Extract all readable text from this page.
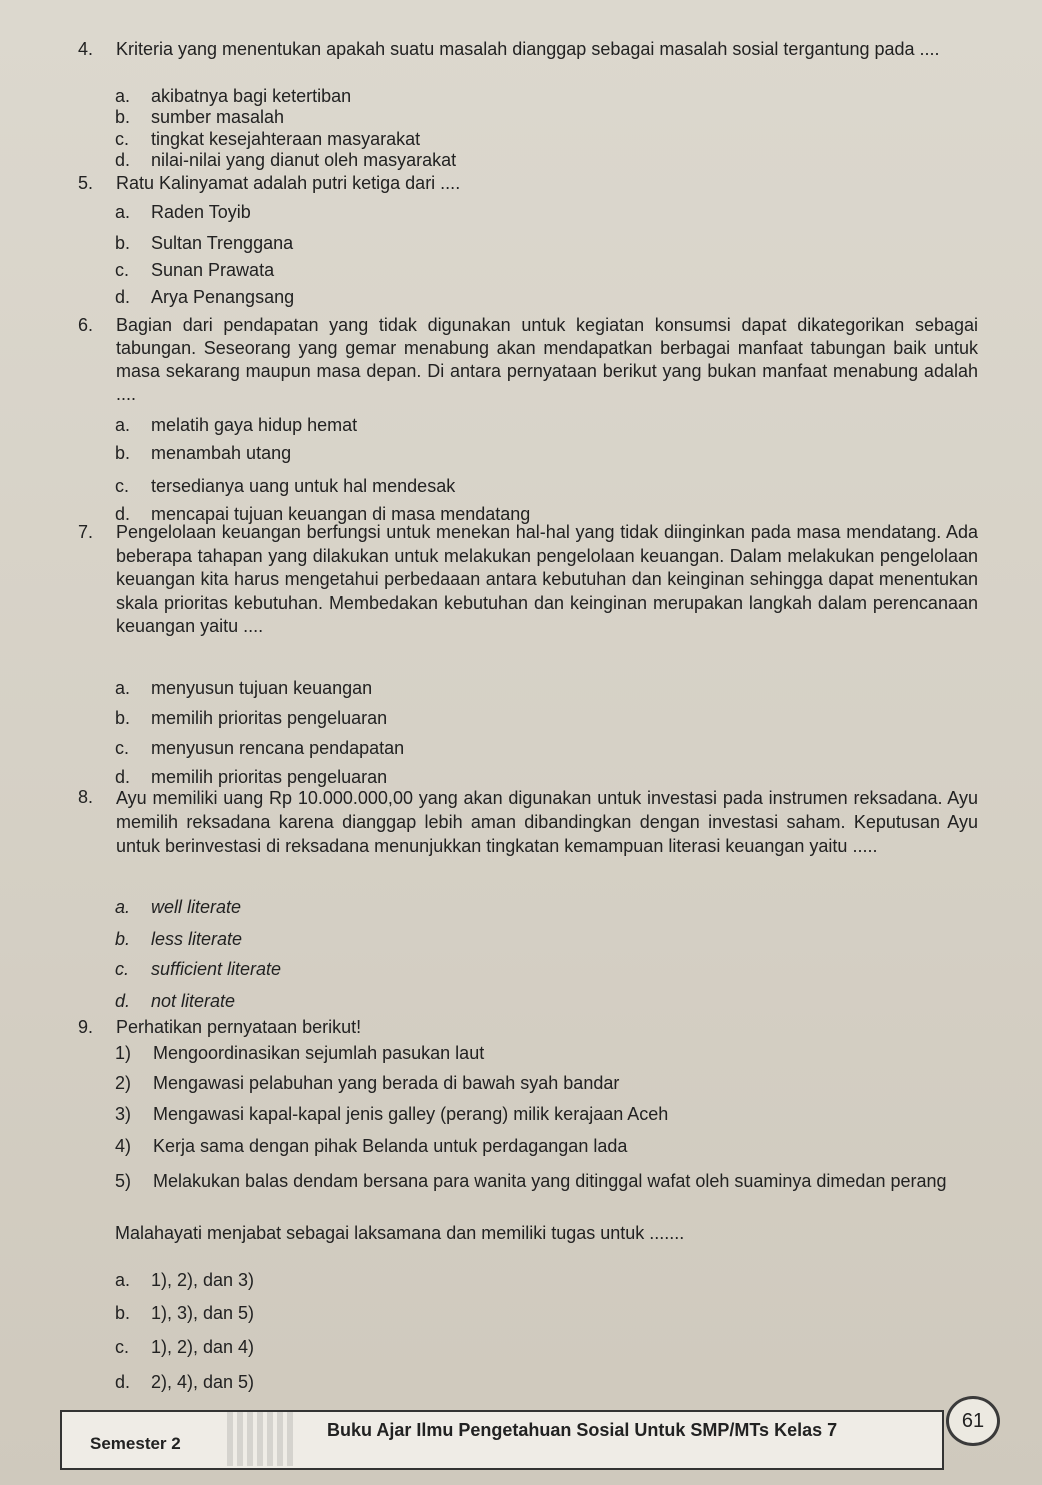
4. Kriteria yang menentukan apakah suatu masalah dianggap sebagai masalah sosial tergantung pada ....
a. akibatnya bagi ketertiban
b. sumber masalah
c. tingkat kesejahteraan masyarakat
d. nilai-nilai yang dianut oleh masyarakat
5. Ratu Kalinyamat adalah putri ketiga dari ....
a. Raden Toyib
b. Sultan Trenggana
c. Sunan Prawata
d. Arya Penangsang
6. Bagian dari pendapatan yang tidak digunakan untuk kegiatan konsumsi dapat dikategorikan sebagai tabungan. Seseorang yang gemar menabung akan mendapatkan berbagai manfaat tabungan baik untuk masa sekarang maupun masa depan. Di antara pernyataan berikut yang bukan manfaat menabung adalah ....
a. melatih gaya hidup hemat
b. menambah utang
c. tersedianya uang untuk hal mendesak
d. mencapai tujuan keuangan di masa mendatang
7. Pengelolaan keuangan berfungsi untuk menekan hal-hal yang tidak diinginkan pada masa mendatang. Ada beberapa tahapan yang dilakukan untuk melakukan pengelolaan keuangan. Dalam melakukan pengelolaan keuangan kita harus mengetahui perbedaaan antara kebutuhan dan keinginan sehingga dapat menentukan skala prioritas kebutuhan. Membedakan kebutuhan dan keinginan merupakan langkah dalam perencanaan keuangan yaitu ....
a. menyusun tujuan keuangan
b. memilih prioritas pengeluaran
c. menyusun rencana pendapatan
d. memilih prioritas pengeluaran
8. Ayu memiliki uang Rp 10.000.000,00 yang akan digunakan untuk investasi pada instrumen reksadana. Ayu memilih reksadana karena dianggap lebih aman dibandingkan dengan investasi saham. Keputusan Ayu untuk berinvestasi di reksadana menunjukkan tingkatan kemampuan literasi keuangan yaitu .....
a. well literate
b. less literate
c. sufficient literate
d. not literate
9. Perhatikan pernyataan berikut!
1) Mengoordinasikan sejumlah pasukan laut
2) Mengawasi pelabuhan yang berada di bawah syah bandar
3) Mengawasi kapal-kapal jenis galley (perang) milik kerajaan Aceh
4) Kerja sama dengan pihak Belanda untuk perdagangan lada
5) Melakukan balas dendam bersana para wanita yang ditinggal wafat oleh suaminya dimedan perang
Malahayati menjabat sebagai laksamana dan memiliki tugas untuk .......
a. 1), 2), dan 3)
b. 1), 3), dan 5)
c. 1), 2), dan 4)
d. 2), 4), dan 5)
Semester 2
Buku Ajar Ilmu Pengetahuan Sosial Untuk SMP/MTs Kelas 7	61
